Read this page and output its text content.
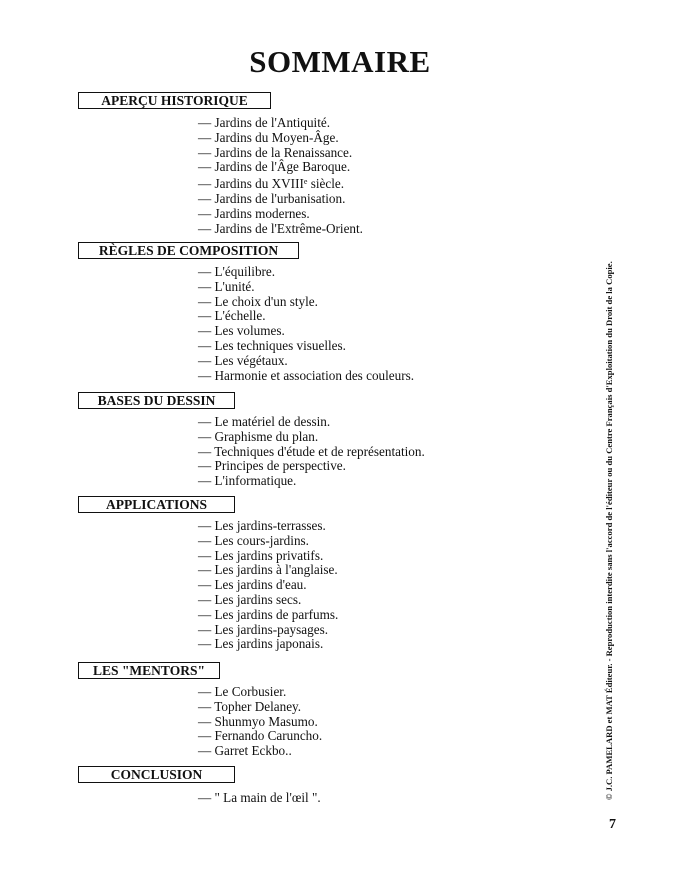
SOMMAIRE
APERÇU HISTORIQUE
— Jardins de l'Antiquité.
— Jardins du Moyen-Âge.
— Jardins de la Renaissance.
— Jardins de l'Âge Baroque.
— Jardins du XVIIIe siècle.
— Jardins de l'urbanisation.
— Jardins modernes.
— Jardins de l'Extrême-Orient.
RÈGLES DE COMPOSITION
— L'équilibre.
— L'unité.
— Le choix d'un style.
— L'échelle.
— Les volumes.
— Les techniques visuelles.
— Les végétaux.
— Harmonie et association des couleurs.
BASES DU DESSIN
— Le matériel de dessin.
— Graphisme du plan.
— Techniques d'étude et de représentation.
— Principes de perspective.
— L'informatique.
APPLICATIONS
— Les jardins-terrasses.
— Les cours-jardins.
— Les jardins privatifs.
— Les jardins à l'anglaise.
— Les jardins d'eau.
— Les jardins secs.
— Les jardins de parfums.
— Les jardins-paysages.
— Les jardins japonais.
LES "MENTORS"
— Le Corbusier.
— Topher Delaney.
— Shunmyo Masumo.
— Fernando Caruncho.
— Garret Eckbo..
CONCLUSION
— " La main de l'œil ".	© J.C. PAMELARD et MAT Éditeur. - Reproduction interdite sans l'accord de l'éditeur ou du Centre Français d'Exploitation du Droit de la Copie.
7
